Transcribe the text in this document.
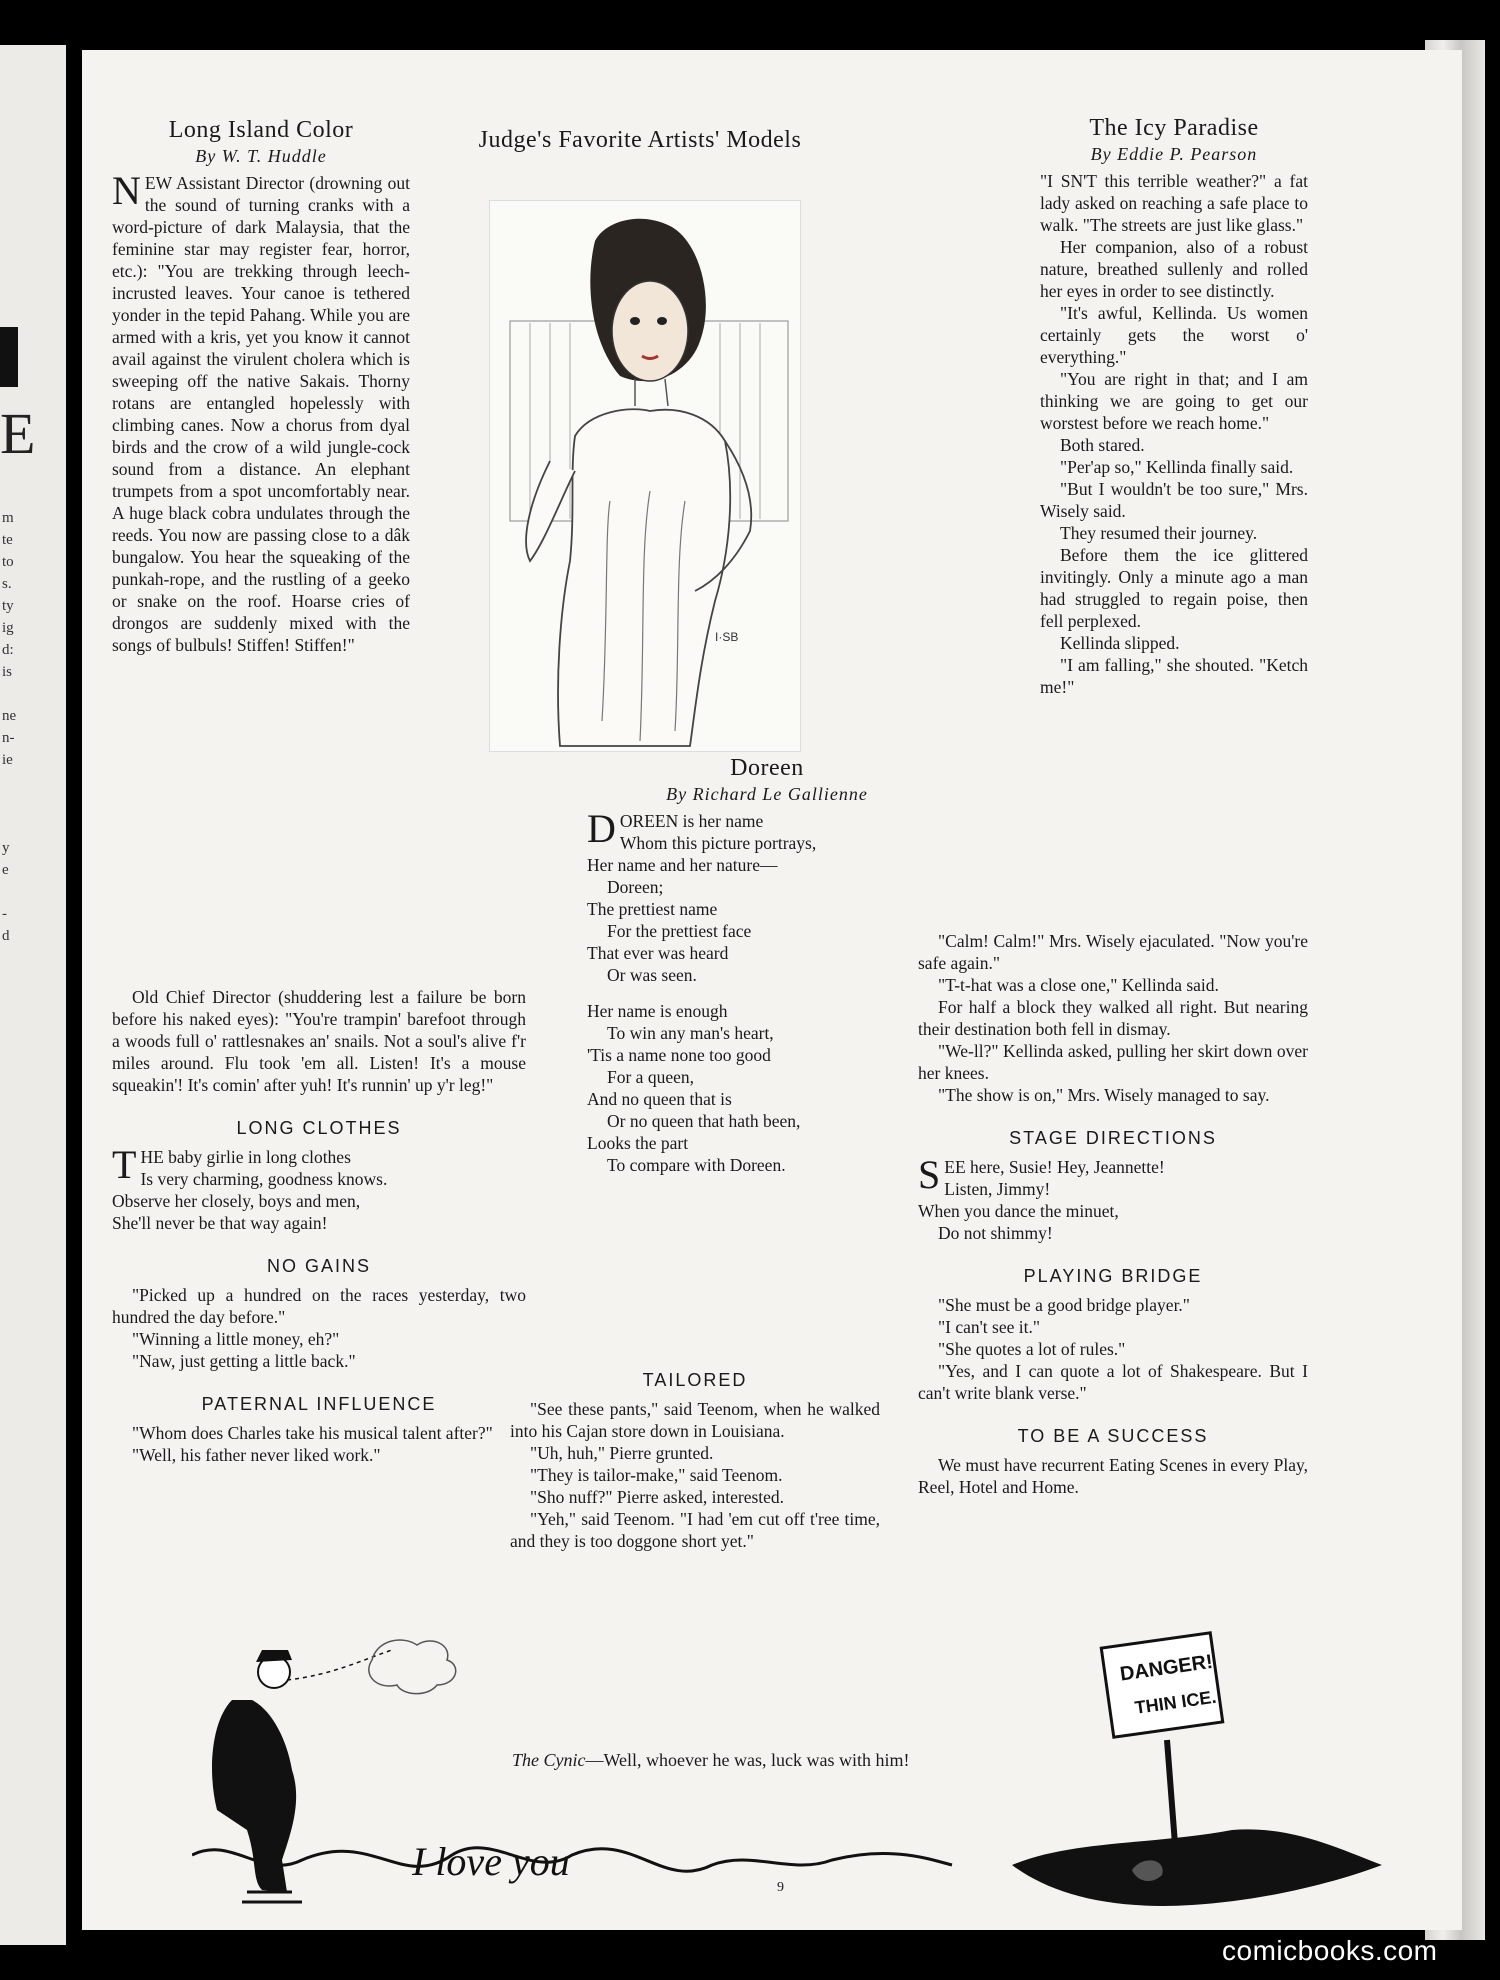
E
m
te
to
s.
ty
ig
d:
is
ne
n-
ie
y
e
-
d
Long Island Color
By W. T. Huddle

NEW Assistant Director (drowning out the sound of turning cranks with a word-picture of dark Malaysia, that the feminine star may register fear, horror, etc.): "You are trekking through leech-incrusted leaves. Your canoe is tethered yonder in the tepid Pahang. While you are armed with a kris, yet you know it cannot avail against the virulent cholera which is sweeping off the native Sakais. Thorny rotans are entangled hopelessly with climbing canes. Now a chorus from dyal birds and the crow of a wild jungle-cock sound from a distance. An elephant trumpets from a spot uncomfortably near. A huge black cobra undulates through the reeds. You now are passing close to a dâk bungalow. You hear the squeaking of the punkah-rope, and the rustling of a geeko or snake on the roof. Hoarse cries of drongos are suddenly mixed with the songs of bulbuls! Stiffen! Stiffen!"

Old Chief Director (shuddering lest a failure be born before his naked eyes): "You're trampin' barefoot through a woods full o' rattlesnakes an' snails. Not a soul's alive f'r miles around. Flu took 'em all. Listen! It's a mouse squeakin'! It's comin' after yuh! It's runnin' up y'r leg!"

LONG CLOTHES

THE baby girlie in long clothes

Is very charming, goodness knows.

Observe her closely, boys and men,

She'll never be that way again!

NO GAINS

"Picked up a hundred on the races yesterday, two hundred the day before."

"Winning a little money, eh?"

"Naw, just getting a little back."

PATERNAL INFLUENCE

"Whom does Charles take his musical talent after?"

"Well, his father never liked work."

Judge's Favorite Artists' Models
I·SB
Doreen
By Richard Le Gallienne

DOREEN is her name

Whom this picture portrays,

Her name and her nature—

Doreen;

The prettiest name

For the prettiest face

That ever was heard

Or was seen.

Her name is enough

To win any man's heart,

'Tis a name none too good

For a queen,

And no queen that is

Or no queen that hath been,

Looks the part

To compare with Doreen.

TAILORED

"See these pants," said Teenom, when he walked into his Cajan store down in Louisiana.

"Uh, huh," Pierre grunted.

"They is tailor-make," said Teenom.

"Sho nuff?" Pierre asked, interested.

"Yeh," said Teenom. "I had 'em cut off t'ree time, and they is too doggone short yet."

The Icy Paradise
By Eddie P. Pearson

"I SN'T this terrible weather?" a fat lady asked on reaching a safe place to walk. "The streets are just like glass."

Her companion, also of a robust nature, breathed sullenly and rolled her eyes in order to see distinctly.

"It's awful, Kellinda. Us women certainly gets the worst o' everything."

"You are right in that; and I am thinking we are going to get our worstest before we reach home."

Both stared.

"Per'ap so," Kellinda finally said.

"But I wouldn't be too sure," Mrs. Wisely said.

They resumed their journey.

Before them the ice glittered invitingly. Only a minute ago a man had struggled to regain poise, then fell perplexed.

Kellinda slipped.

"I am falling," she shouted. "Ketch me!"

"Calm! Calm!" Mrs. Wisely ejaculated. "Now you're safe again."

"T-t-hat was a close one," Kellinda said.

For half a block they walked all right. But nearing their destination both fell in dismay.

"We-ll?" Kellinda asked, pulling her skirt down over her knees.

"The show is on," Mrs. Wisely managed to say.

STAGE DIRECTIONS

SEE here, Susie! Hey, Jeannette!

Listen, Jimmy!

When you dance the minuet,

Do not shimmy!

PLAYING BRIDGE

"She must be a good bridge player."

"I can't see it."

"She quotes a lot of rules."

"Yes, and I can quote a lot of Shakespeare. But I can't write blank verse."

TO BE A SUCCESS

We must have recurrent Eating Scenes in every Play, Reel, Hotel and Home.

I love you
DANGER!
THIN ICE.
The Cynic—Well, whoever he was, luck was with him!
9
comicbooks.com
